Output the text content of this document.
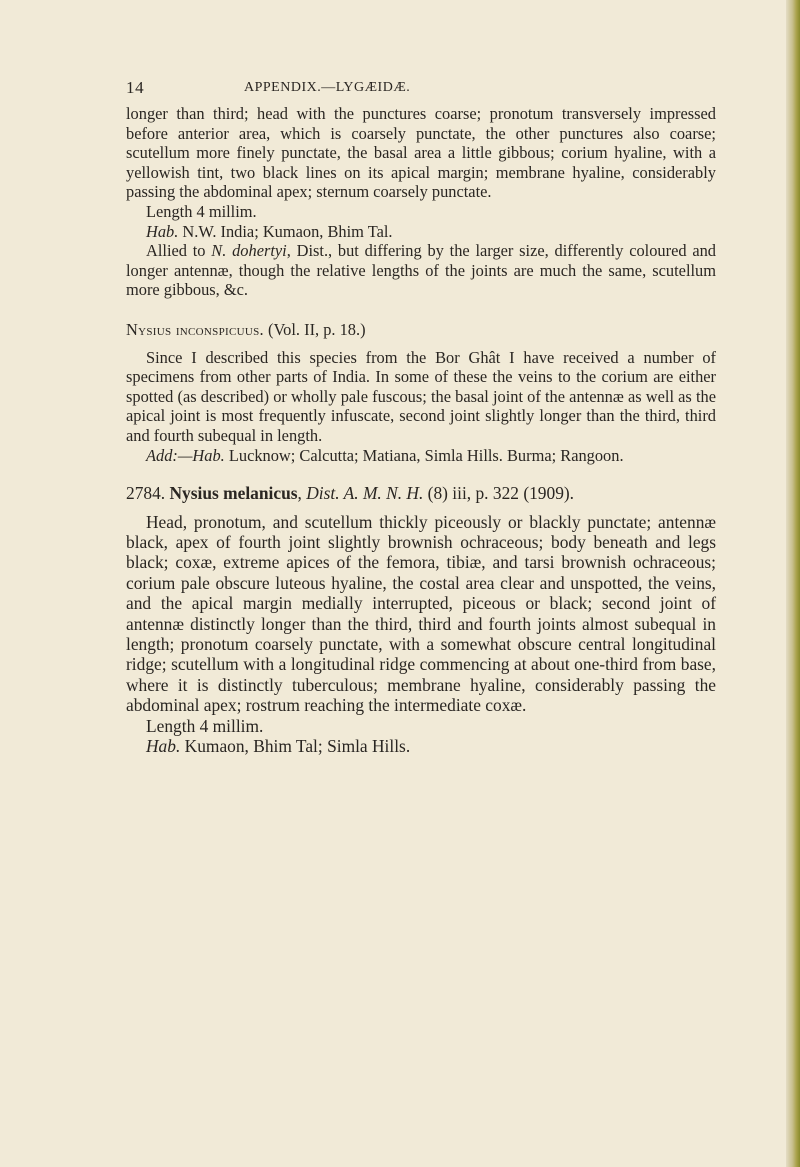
14	APPENDIX.—LYGÆIDÆ.

longer than third; head with the punctures coarse; pronotum transversely impressed before anterior area, which is coarsely punctate, the other punctures also coarse; scutellum more finely punctate, the basal area a little gibbous; corium hyaline, with a yellowish tint, two black lines on its apical margin; membrane hyaline, considerably passing the abdominal apex; sternum coarsely punctate.

Length 4 millim.

Hab. N.W. India; Kumaon, Bhim Tal.

Allied to N. dohertyi, Dist., but differing by the larger size, differently coloured and longer antennæ, though the relative lengths of the joints are much the same, scutellum more gibbous, &c.

Nysius inconspicuus. (Vol. II, p. 18.)

Since I described this species from the Bor Ghât I have received a number of specimens from other parts of India. In some of these the veins to the corium are either spotted (as described) or wholly pale fuscous; the basal joint of the antennæ as well as the apical joint is most frequently infuscate, second joint slightly longer than the third, third and fourth subequal in length.

Add:—Hab. Lucknow; Calcutta; Matiana, Simla Hills. Burma; Rangoon.

2784. Nysius melanicus, Dist. A. M. N. H. (8) iii, p. 322 (1909).

Head, pronotum, and scutellum thickly piceously or blackly punctate; antennæ black, apex of fourth joint slightly brownish ochraceous; body beneath and legs black; coxæ, extreme apices of the femora, tibiæ, and tarsi brownish ochraceous; corium pale obscure luteous hyaline, the costal area clear and unspotted, the veins, and the apical margin medially interrupted, piceous or black; second joint of antennæ distinctly longer than the third, third and fourth joints almost subequal in length; pronotum coarsely punctate, with a somewhat obscure central longitudinal ridge; scutellum with a longitudinal ridge commencing at about one-third from base, where it is distinctly tuberculous; membrane hyaline, considerably passing the abdominal apex; rostrum reaching the intermediate coxæ.

Length 4 millim.

Hab. Kumaon, Bhim Tal; Simla Hills.
